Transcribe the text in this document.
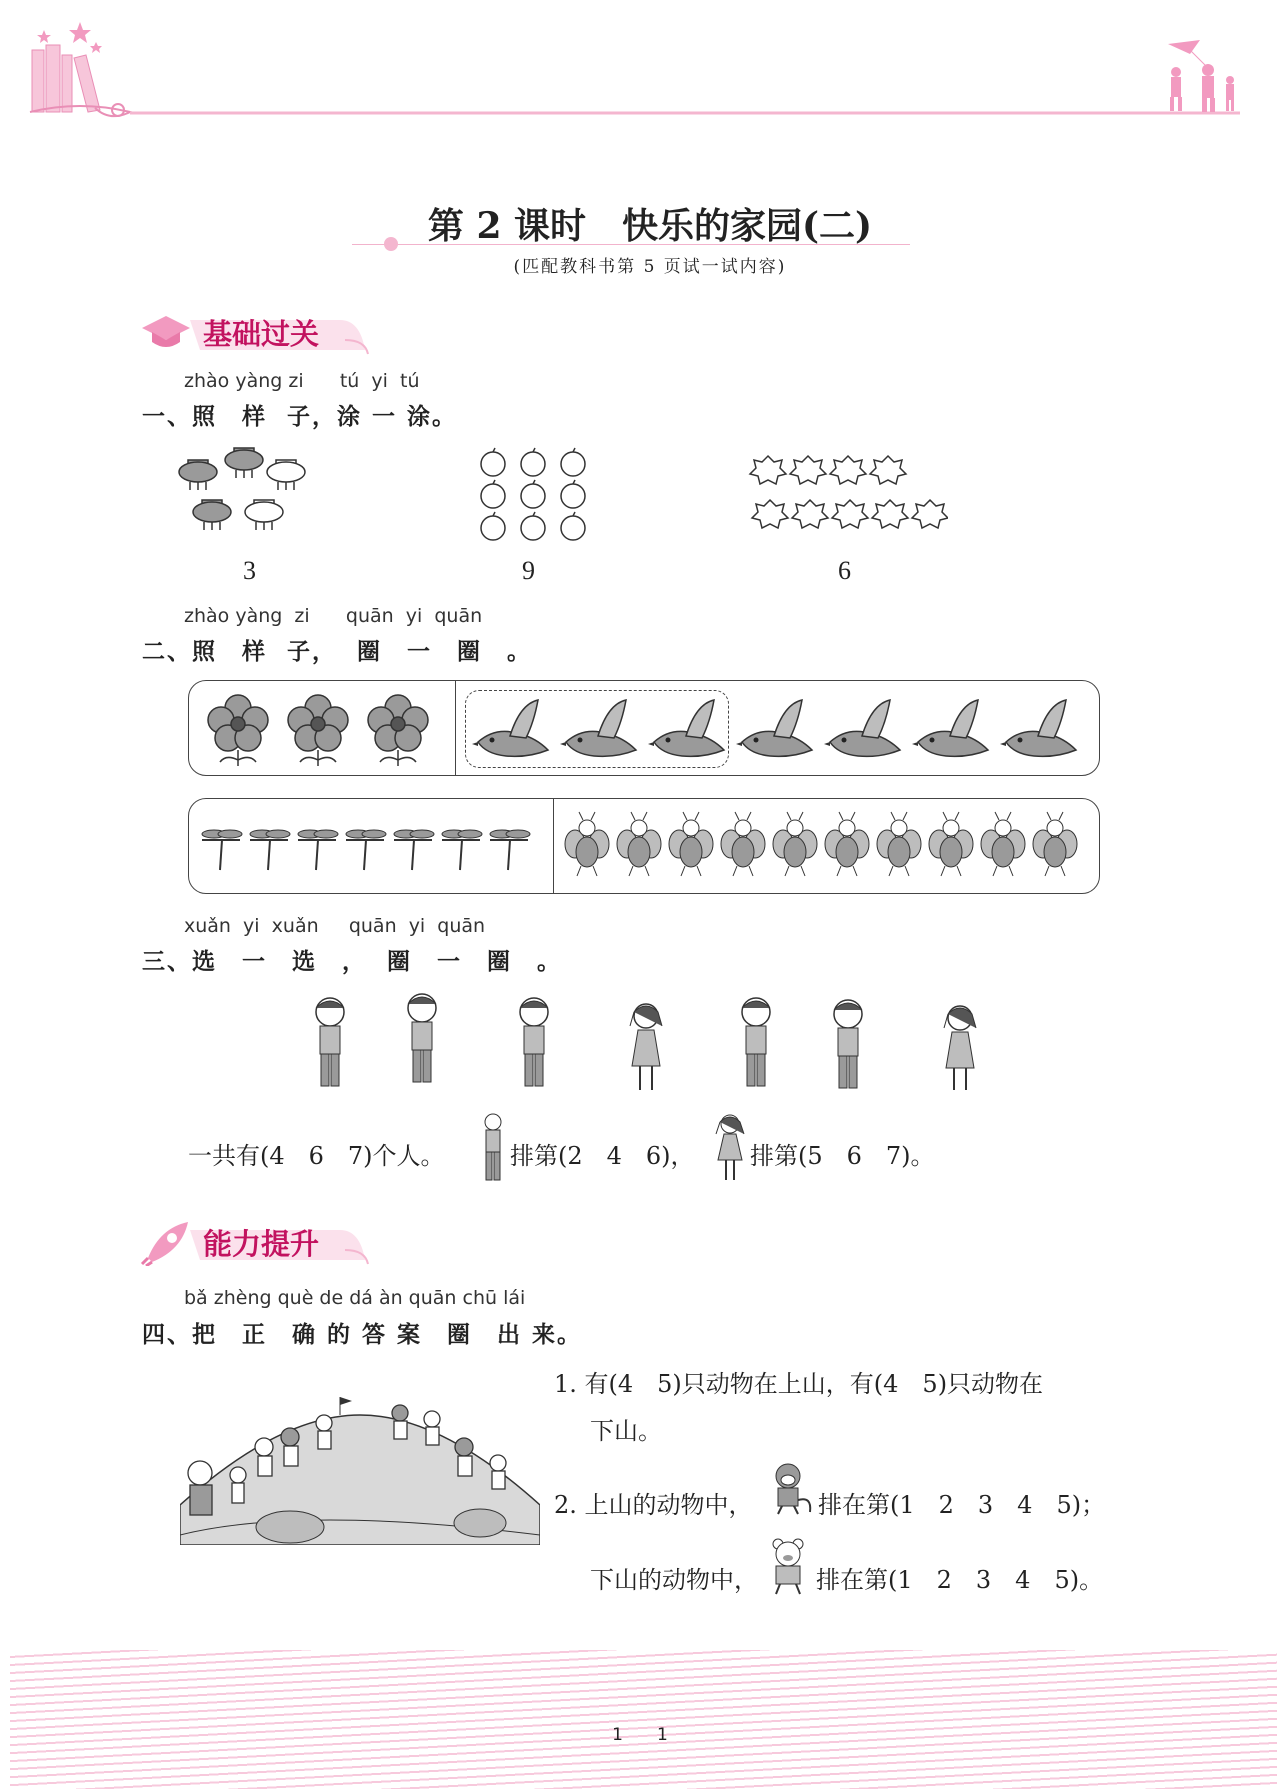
第 2 课时　快乐的家园(二)
(匹配教科书第 5 页试一试内容)
基础过关
zhào yàng zi      tú  yi  tú
一、照　样  子，涂 一 涂。
3	9	6
zhào yàng  zi      quān  yi  quān
二、照　样  子，  圈　一　圈　。
xuǎn  yi  xuǎn     quān  yi  quān
三、选　一　选　，  圈　一　圈　。
一共有(4　6　7)个人。	排第(2　4　6)， 排第(5　6　7)。
能力提升
bǎ zhèng què de dá àn quān chū lái
四、把　正　确 的 答 案　圈　出 来。
1. 有(4　5)只动物在上山，有(4　5)只动物在
下山。
2. 上山的动物中，	排在第(1　2　3　4　5)；
下山的动物中， 排在第(1　2　3　4　5)。
1　　1
